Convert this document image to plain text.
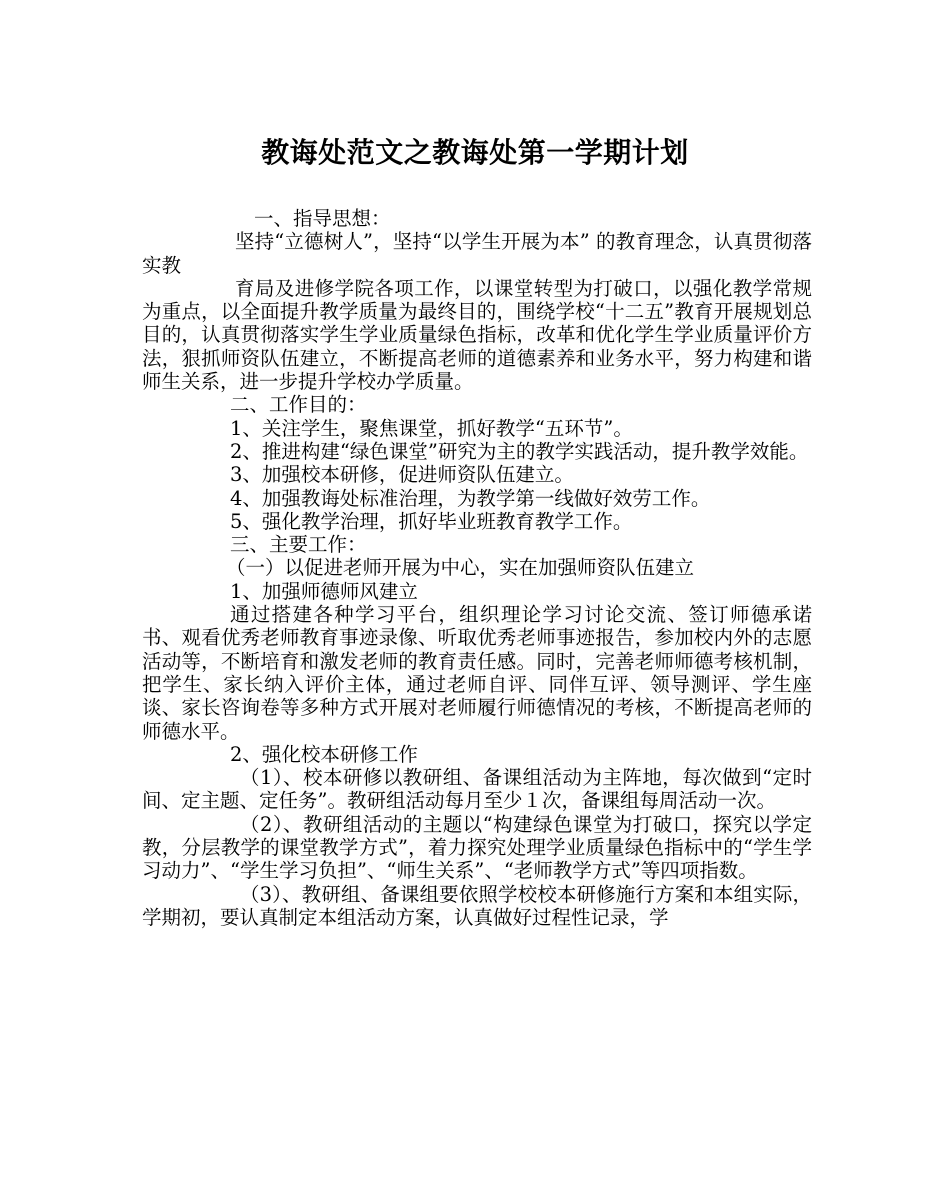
教诲处范文之教诲处第一学期计划

一、指导思想：

坚持“立德树人”，坚持“以学生开展为本” 的教育理念，认真贯彻落实教

育局及进修学院各项工作，以课堂转型为打破口，以强化教学常规为重点，以全面提升教学质量为最终目的，围绕学校“十二五”教育开展规划总目的，认真贯彻落实学生学业质量绿色指标，改革和优化学生学业质量评价方法，狠抓师资队伍建立，不断提高老师的道德素养和业务水平，努力构建和谐师生关系，进一步提升学校办学质量。

二、工作目的：

1、关注学生，聚焦课堂，抓好教学“五环节”。

2、推进构建“绿色课堂”研究为主的教学实践活动，提升教学效能。

3、加强校本研修，促进师资队伍建立。

4、加强教诲处标准治理，为教学第一线做好效劳工作。

5、强化教学治理，抓好毕业班教育教学工作。

三、主要工作：

（一）以促进老师开展为中心，实在加强师资队伍建立

1、加强师德师风建立

通过搭建各种学习平台，组织理论学习讨论交流、签订师德承诺书、观看优秀老师教育事迹录像、听取优秀老师事迹报告，参加校内外的志愿活动等，不断培育和激发老师的教育责任感。同时，完善老师师德考核机制，把学生、家长纳入评价主体，通过老师自评、同伴互评、领导测评、学生座谈、家长咨询卷等多种方式开展对老师履行师德情况的考核，不断提高老师的师德水平。

2、强化校本研修工作

（1）、校本研修以教研组、备课组活动为主阵地，每次做到“定时间、定主题、定任务”。教研组活动每月至少１次，备课组每周活动一次。

（2）、教研组活动的主题以“构建绿色课堂为打破口，探究以学定教，分层教学的课堂教学方式”，着力探究处理学业质量绿色指标中的“学生学习动力”、“学生学习负担”、“师生关系”、“老师教学方式”等四项指数。

（3）、教研组、备课组要依照学校校本研修施行方案和本组实际，学期初，要认真制定本组活动方案，认真做好过程性记录，学
